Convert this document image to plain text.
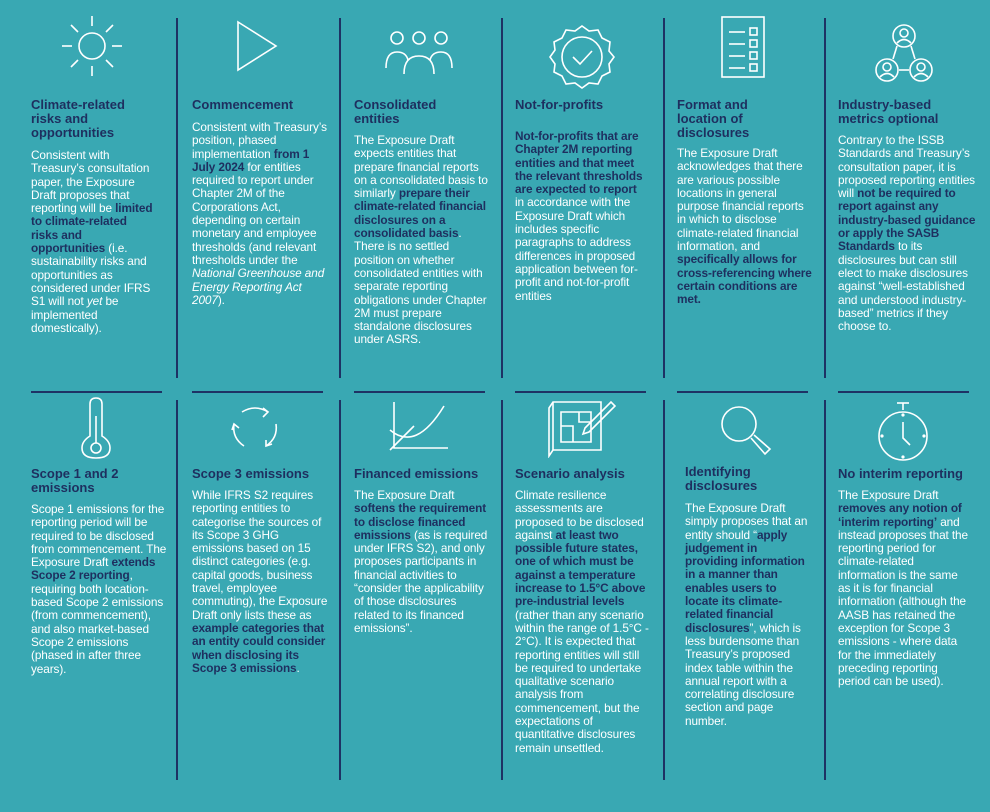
Climate-related risks and opportunities
Consistent with Treasury’s consultation paper, the Exposure Draft proposes that reporting will be limited to climate-related risks and opportunities (i.e. sustainability risks and opportunities as considered under IFRS S1 will not yet be implemented domestically).
Commencement
Consistent with Treasury’s position, phased implementation from 1 July 2024 for entities required to report under Chapter 2M of the Corporations Act, depending on certain monetary and employee thresholds (and relevant thresholds under the National Greenhouse and Energy Reporting Act 2007).
Consolidated entities
The Exposure Draft expects entities that prepare financial reports on a consolidated basis to similarly prepare their climate-related financial disclosures on a consolidated basis. There is no settled position on whether consolidated entities with separate reporting obligations under Chapter 2M must prepare standalone disclosures under ASRS.
Not-for-profits
Not-for-profits that are Chapter 2M reporting entities and that meet the relevant thresholds are expected to report in accordance with the Exposure Draft which includes specific paragraphs to address differences in proposed application between for-profit and not-for-profit entities
Format and location of disclosures
The Exposure Draft acknowledges that there are various possible locations in general purpose financial reports in which to disclose climate-related financial information, and specifically allows for cross-referencing where certain conditions are met.
Industry-based metrics optional
Contrary to the ISSB Standards and Treasury’s consultation paper, it is proposed reporting entities will not be required to report against any industry-based guidance or apply the SASB Standards to its disclosures but can still elect to make disclosures against “well-established and understood industry-based” metrics if they choose to.
Scope 1 and 2 emissions
Scope 1 emissions for the reporting period will be required to be disclosed from commencement. The Exposure Draft extends Scope 2 reporting, requiring both location-based Scope 2 emissions (from commencement), and also market-based Scope 2 emissions (phased in after three years).
Scope 3 emissions
While IFRS S2 requires reporting entities to categorise the sources of its Scope 3 GHG emissions based on 15 distinct categories (e.g. capital goods, business travel, employee commuting), the Exposure Draft only lists these as example categories that an entity could consider when disclosing its Scope 3 emissions.
Financed emissions
The Exposure Draft softens the requirement to disclose financed emissions (as is required under IFRS S2), and only proposes participants in financial activities to “consider the applicability of those disclosures related to its financed emissions”.
Scenario analysis
Climate resilience assessments are proposed to be disclosed against at least two possible future states, one of which must be against a temperature increase to 1.5°C above pre-industrial levels (rather than any scenario within the range of 1.5°C - 2°C). It is expected that reporting entities will still be required to undertake qualitative scenario analysis from commencement, but the expectations of quantitative disclosures remain unsettled.
Identifying disclosures
The Exposure Draft simply proposes that an entity should “apply judgement in providing information in a manner than enables users to locate its climate-related financial disclosures”, which is less burdensome than Treasury’s proposed index table within the annual report with a correlating disclosure section and page number.
No interim reporting
The Exposure Draft removes any notion of ‘interim reporting’ and instead proposes that the reporting period for climate-related information is the same as it is for financial information (although the AASB has retained the exception for Scope 3 emissions - where data for the immediately preceding reporting period can be used).
